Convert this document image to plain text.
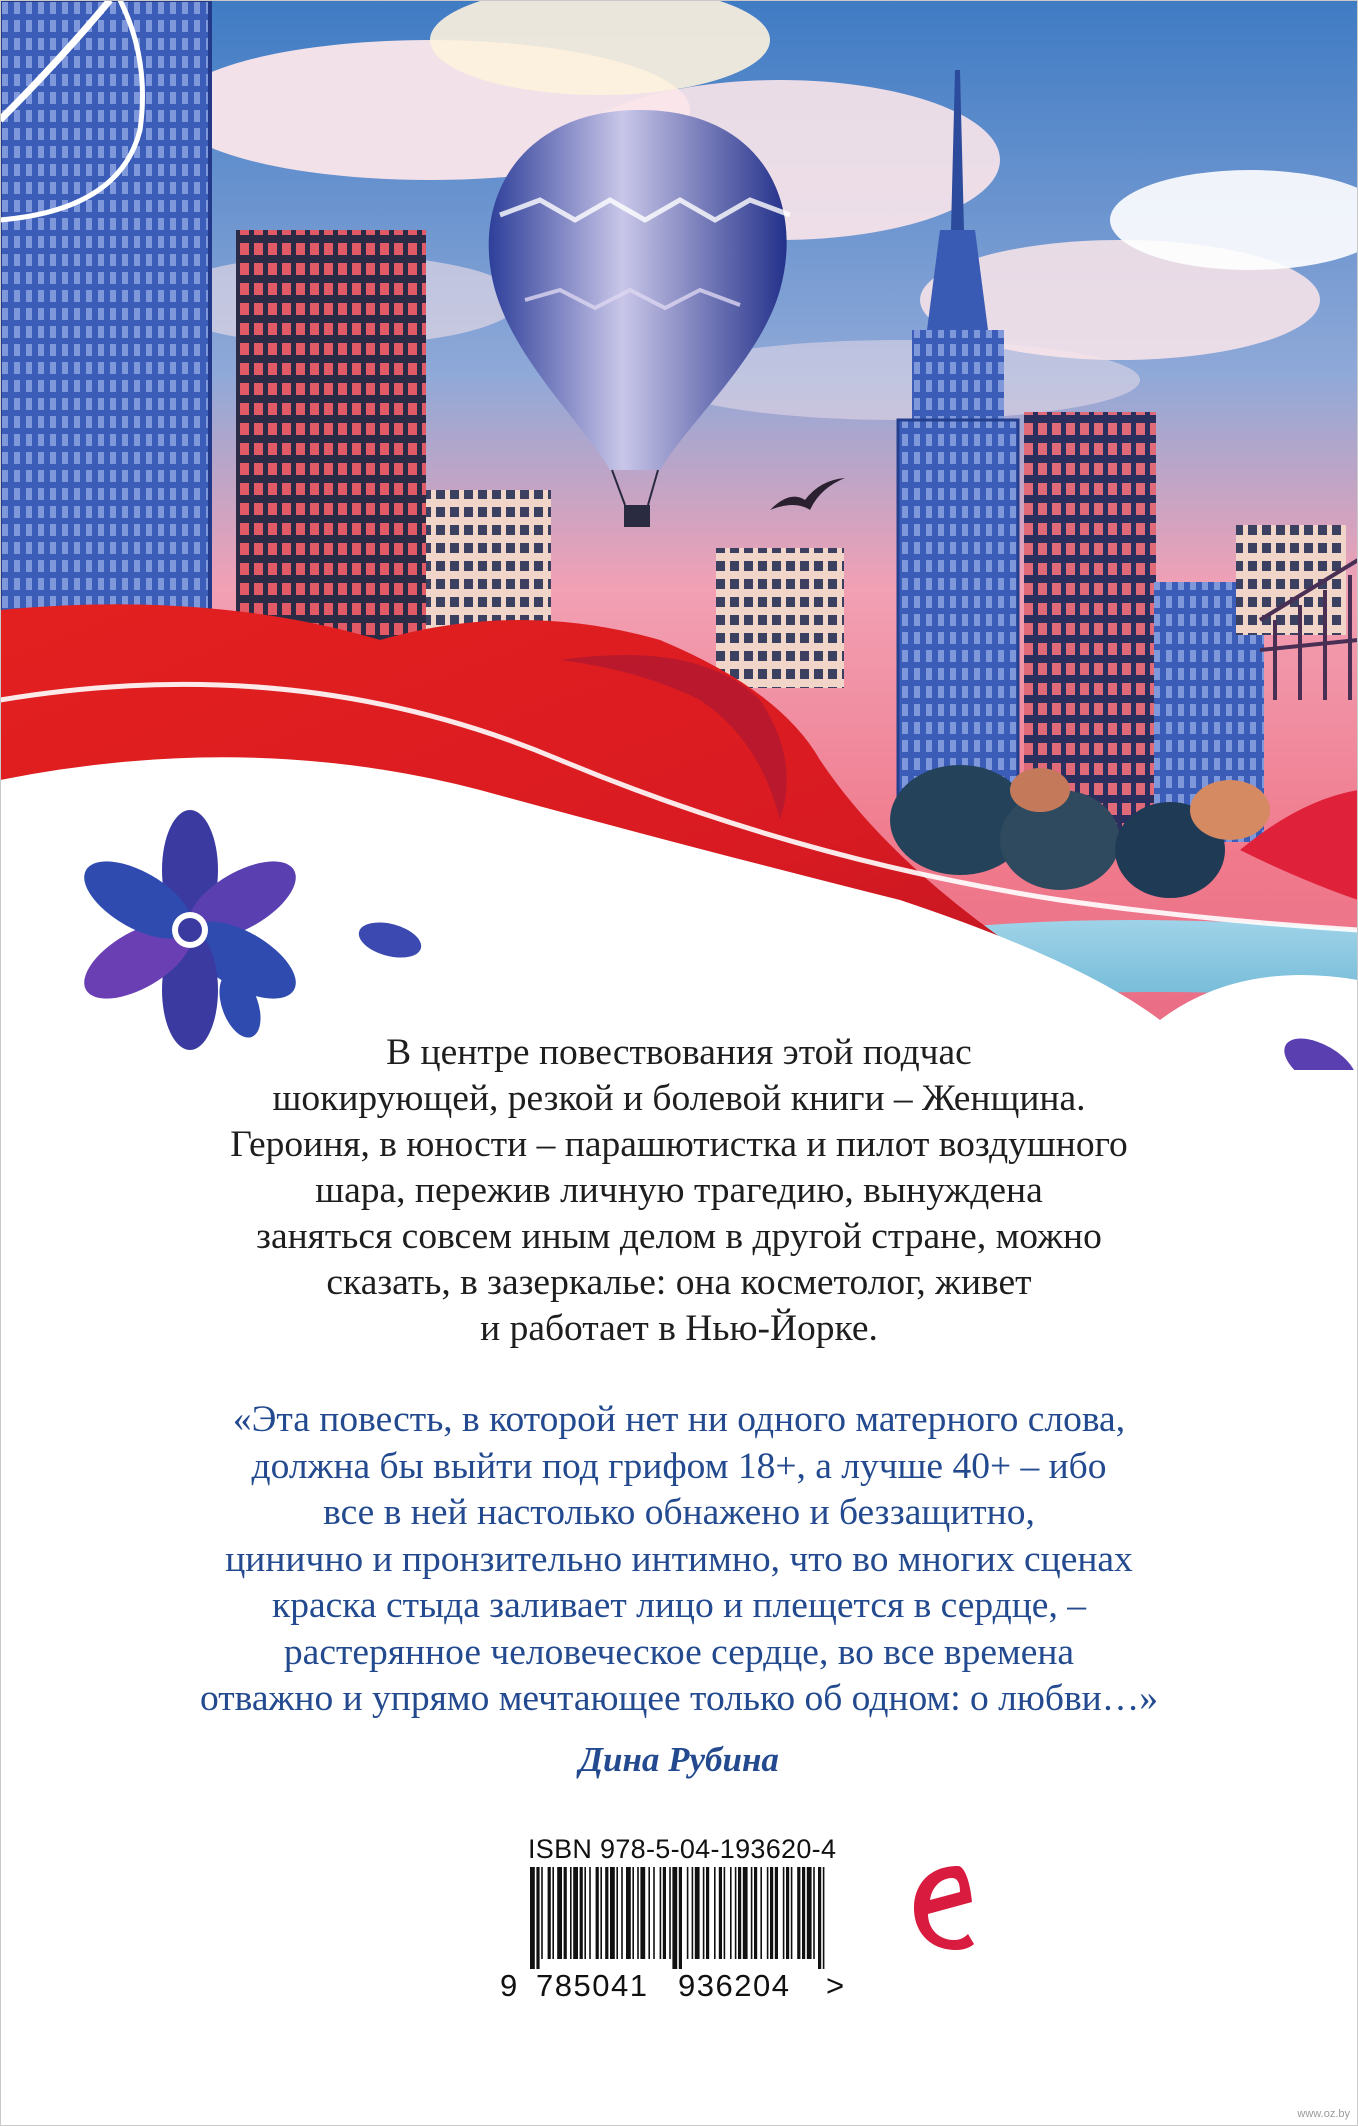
В центре повествования этой подчас
шокирующей, резкой и болевой книги – Женщина.
Героиня, в юности – парашютистка и пилот воздушного
шара, пережив личную трагедию, вынуждена
заняться совсем иным делом в другой стране, можно
сказать, в зазеркалье: она косметолог, живет
и работает в Нью-Йорке.
«Эта повесть, в которой нет ни одного матерного слова,
должна бы выйти под грифом 18+, а лучше 40+ – ибо
все в ней настолько обнажено и беззащитно,
цинично и пронзительно интимно, что во многих сценах
краска стыда заливает лицо и плещется в сердце, –
растерянное человеческое сердце, во все времена
отважно и упрямо мечтающее только об одном: о любви…»
Дина Рубина
ISBN 978-5-04-193620-4
9 785041 936204 >
www.oz.by
